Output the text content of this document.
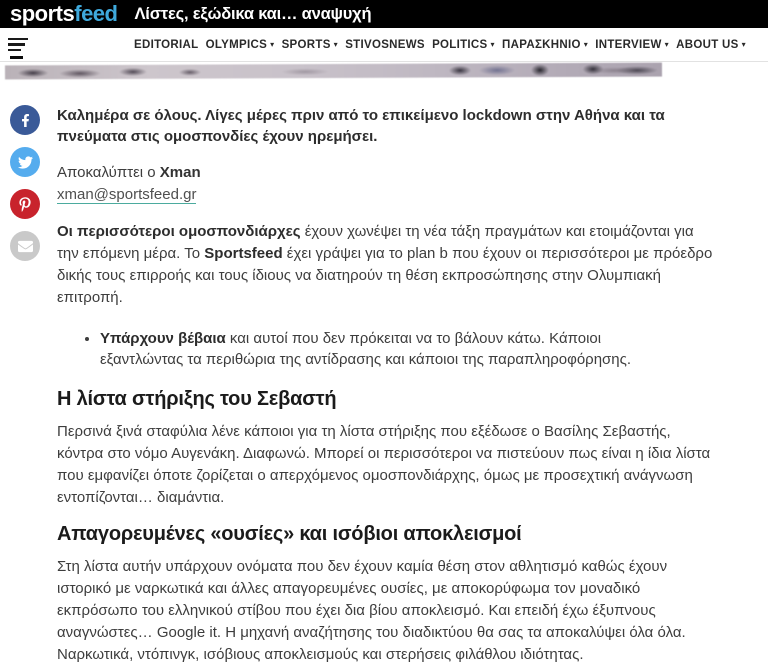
sportsfeed Λίστες, εξώδικα και… αναψυχή
EDITORIAL OLYMPICS ▾ SPORTS ▾ STIVOSNEWS POLITICS ▾ ΠΑΡΑΣΚΗΝΙΟ ▾ INTERVIEW ▾ ABOUT US ▾

Καλημέρα σε όλους. Λίγες μέρες πριν από το επικείμενο lockdown στην Αθήνα και τα πνεύματα στις ομοσπονδίες έχουν ηρεμήσει.

Αποκαλύπτει ο Xman

xman@sportsfeed.gr

Οι περισσότεροι ομοσπονδιάρχες έχουν χωνέψει τη νέα τάξη πραγμάτων και ετοιμάζονται για την επόμενη μέρα. Το Sportsfeed έχει γράψει για το plan b που έχουν οι περισσότεροι με πρόεδρο δικής τους επιρροής και τους ίδιους να διατηρούν τη θέση εκπροσώπησης στην Ολυμπιακή επιτροπή.

• Υπάρχουν βέβαια και αυτοί που δεν πρόκειται να το βάλουν κάτω. Κάποιοι εξαντλώντας τα περιθώρια της αντίδρασης και κάποιοι της παραπληροφόρησης.
Η λίστα στήριξης του Σεβαστή

Περσινά ξινά σταφύλια λένε κάποιοι για τη λίστα στήριξης που εξέδωσε ο Βασίλης Σεβαστής, κόντρα στο νόμο Αυγενάκη. Διαφωνώ. Μπορεί οι περισσότεροι να πιστεύουν πως είναι η ίδια λίστα που εμφανίζει όποτε ζορίζεται ο απερχόμενος ομοσπονδιάρχης, όμως με προσεχτική ανάγνωση εντοπίζονται… διαμάντια.

Απαγορευμένες «ουσίες» και ισόβιοι αποκλεισμοί

Στη λίστα αυτήν υπάρχουν ονόματα που δεν έχουν καμία θέση στον αθλητισμό καθώς έχουν ιστορικό με ναρκωτικά και άλλες απαγορευμένες ουσίες, με αποκορύφωμα τον μοναδικό εκπρόσωπο του ελληνικού στίβου που έχει δια βίου αποκλεισμό. Και επειδή έχω έξυπνους αναγνώστες… Google it. Η μηχανή αναζήτησης του διαδικτύου θα σας τα αποκαλύψει όλα όλα. Ναρκωτικά, ντόπινγκ, ισόβιους αποκλεισμούς και στερήσεις φιλάθλου ιδιότητας.
